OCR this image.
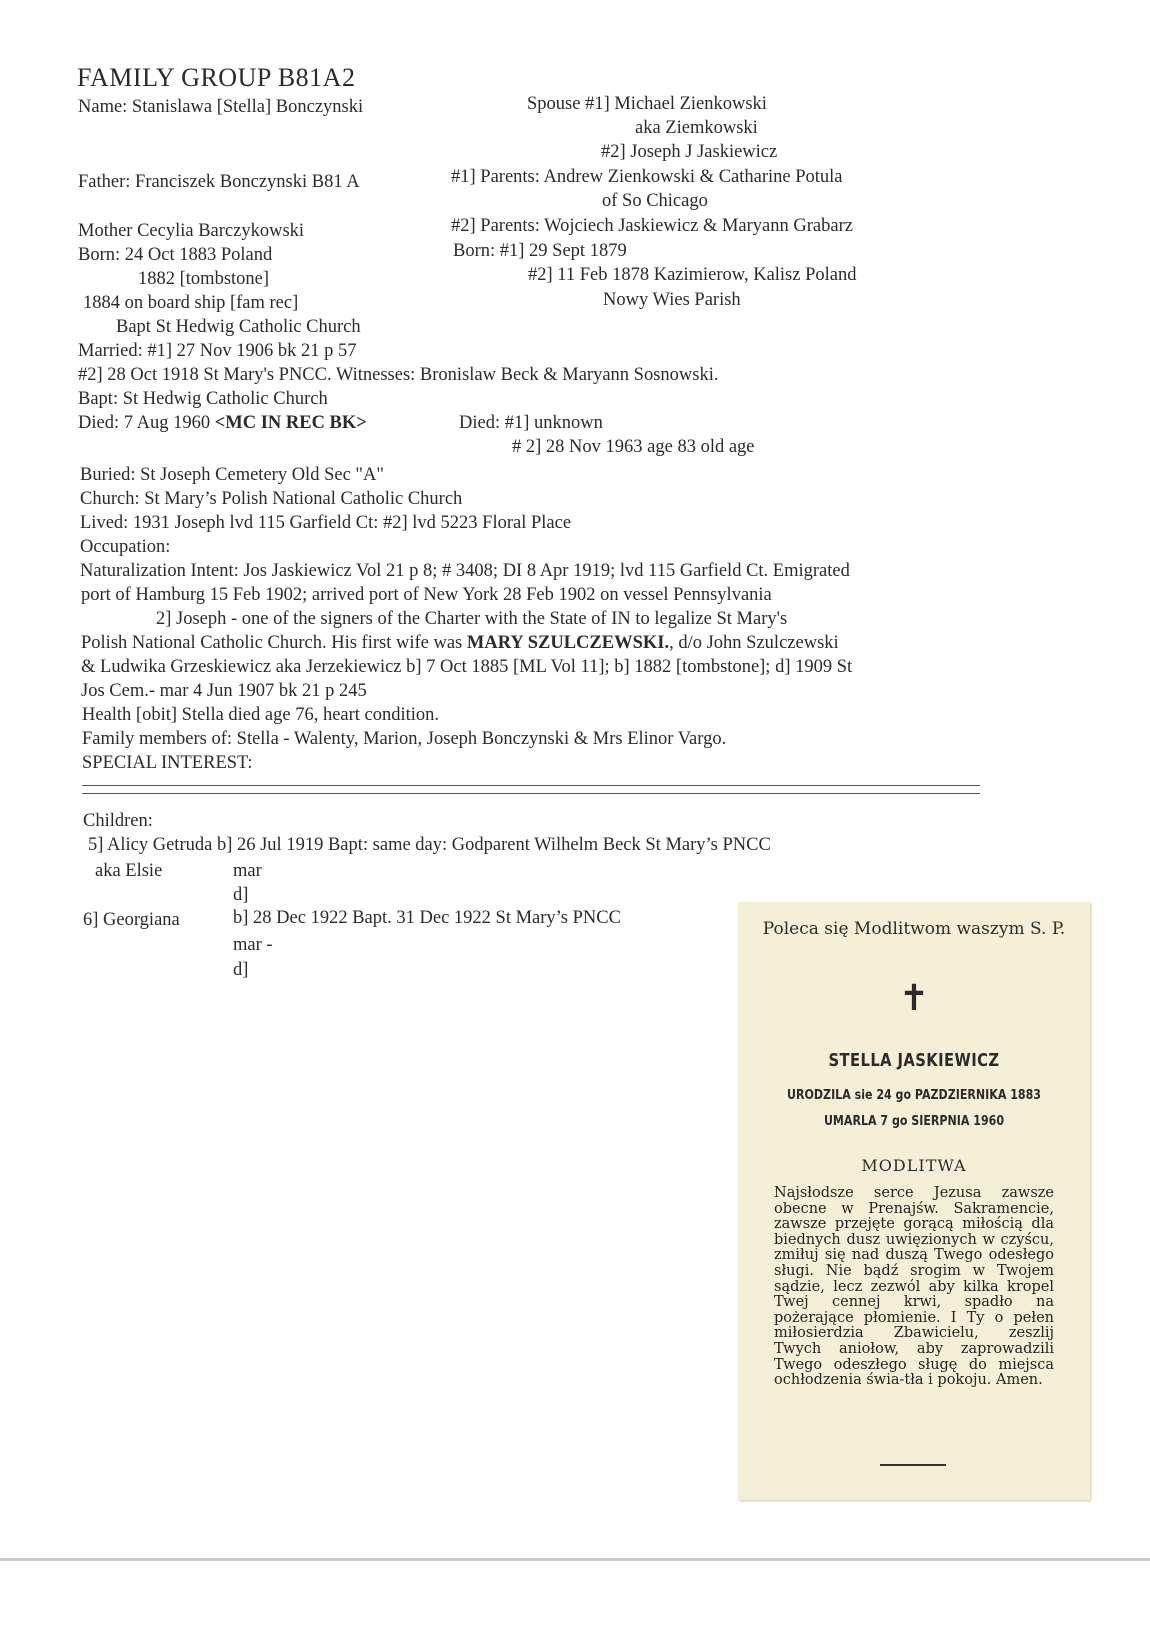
FAMILY GROUP B81A2
Name: Stanislawa [Stella] Bonczynski
Father: Franciszek Bonczynski B81 A
Mother Cecylia Barczykowski
Born: 24 Oct 1883 Poland
1882 [tombstone]
1884 on board ship [fam rec]
Bapt St Hedwig Catholic Church
Married: #1] 27 Nov 1906 bk 21 p 57
#2] 28 Oct 1918 St Mary's PNCC. Witnesses: Bronislaw Beck & Maryann Sosnowski.
Bapt: St Hedwig Catholic Church
Died: 7 Aug 1960 <MC IN REC BK>
Spouse #1] Michael Zienkowski
aka Ziemkowski
#2] Joseph J Jaskiewicz
#1] Parents: Andrew Zienkowski & Catharine Potula
of So Chicago
#2] Parents: Wojciech Jaskiewicz & Maryann Grabarz
Born: #1] 29 Sept 1879
#2] 11 Feb 1878 Kazimierow, Kalisz Poland
Nowy Wies Parish
Died: #1] unknown
# 2] 28 Nov 1963 age 83 old age
Buried: St Joseph Cemetery Old Sec "A"
Church: St Mary’s Polish National Catholic Church
Lived: 1931 Joseph lvd 115 Garfield Ct: #2] lvd 5223 Floral Place
Occupation:
Naturalization Intent: Jos Jaskiewicz Vol 21 p 8; # 3408; DI 8 Apr 1919; lvd 115 Garfield Ct. Emigrated
port of Hamburg 15 Feb 1902; arrived port of New York 28 Feb 1902 on vessel Pennsylvania
2] Joseph - one of the signers of the Charter with the State of IN to legalize St Mary's
Polish National Catholic Church. His first wife was MARY SZULCZEWSKI., d/o John Szulczewski
& Ludwika Grzeskiewicz aka Jerzekiewicz b] 7 Oct 1885 [ML Vol 11]; b] 1882 [tombstone]; d] 1909 St
Jos Cem.- mar 4 Jun 1907 bk 21 p 245
Health [obit] Stella died age 76, heart condition.
Family members of: Stella - Walenty, Marion, Joseph Bonczynski & Mrs Elinor Vargo.
SPECIAL INTEREST:
Children:
5] Alicy Getruda b] 26 Jul 1919 Bapt: same day: Godparent Wilhelm Beck St Mary’s PNCC
aka Elsie	mar
d]
6] Georgiana	b] 28 Dec 1922 Bapt. 31 Dec 1922 St Mary’s PNCC
mar -
d]
Poleca się Modlitwom waszym S. P.
✝
STELLA JASKIEWICZ
URODZILA sie 24 go PAZDZIERNIKA 1883
UMARLA 7 go SIERPNIA 1960
MODLITWA
Najsłodsze serce Jezusa zawsze obecne w Prenajśw. Sakramencie, zawsze przejęte gorącą miłością dla biednych dusz uwięzionych w czyścu, zmiłuj się nad duszą Twego odesłego sługi. Nie bądź srogim w Twojem sądzie, lecz zezwól aby kilka kropel Twej cennej krwi, spadło na pożerające płomienie. I Ty o pełen miłosierdzia Zbawicielu, zeszlij Twych aniołow, aby zaprowadzili Twego odeszłego sługę do miejsca ochłodzenia świa-tła i pokoju. Amen.
